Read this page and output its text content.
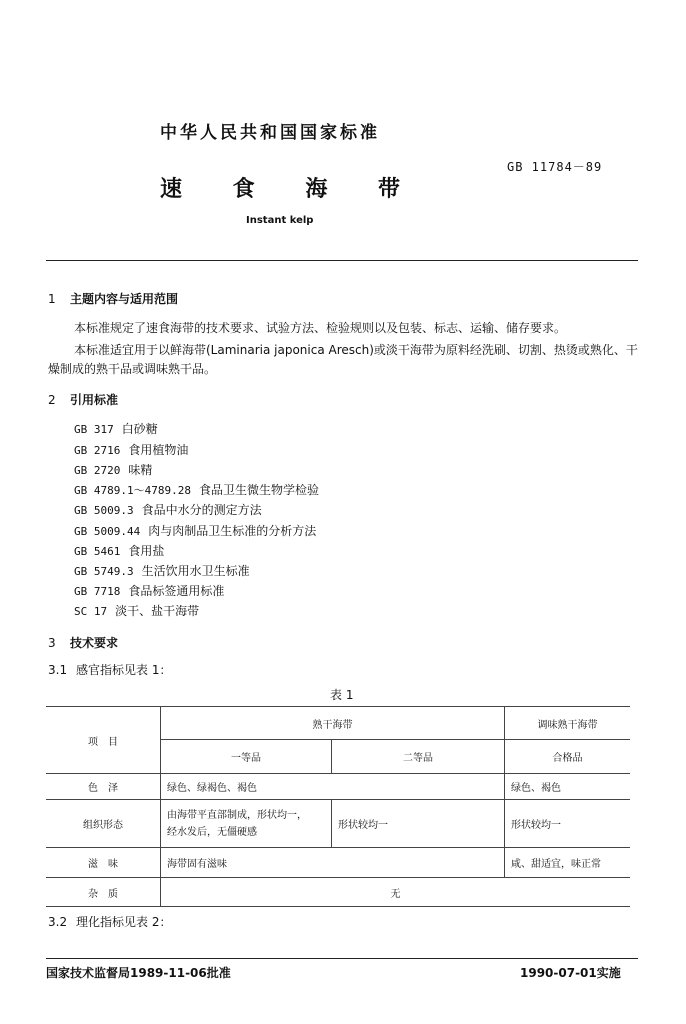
中华人民共和国国家标准
GB 11784－89
速 食 海 带
Instant kelp
1 主题内容与适用范围
本标准规定了速食海带的技术要求、试验方法、检验规则以及包装、标志、运输、储存要求。
本标准适宜用于以鲜海带(Laminaria japonica Aresch)或淡干海带为原料经洗刷、切割、热烫或熟化、干
燥制成的熟干品或调味熟干品。
2 引用标准
GB 317 白砂糖
GB 2716 食用植物油
GB 2720 味精
GB 4789.1～4789.28 食品卫生微生物学检验
GB 5009.3 食品中水分的测定方法
GB 5009.44 肉与肉制品卫生标准的分析方法
GB 5461 食用盐
GB 5749.3 生活饮用水卫生标准
GB 7718 食品标签通用标准
SC 17 淡干、盐干海带
3 技术要求
3.1 感官指标见表 1：
表 1
项　目	熟干海带		调味熟干海带
	一等品	二等品	合格品
色　泽	绿色、绿褐色、褐色		绿色、褐色
组织形态	由海带平直部制成，形状均一，
经水发后，无僵硬感	形状较均一	形状较均一
滋　味	海带固有滋味		咸、甜适宜，味正常
杂　质	无		
3.2 理化指标见表 2：
国家技术监督局1989-11-06批准	1990-07-01实施
